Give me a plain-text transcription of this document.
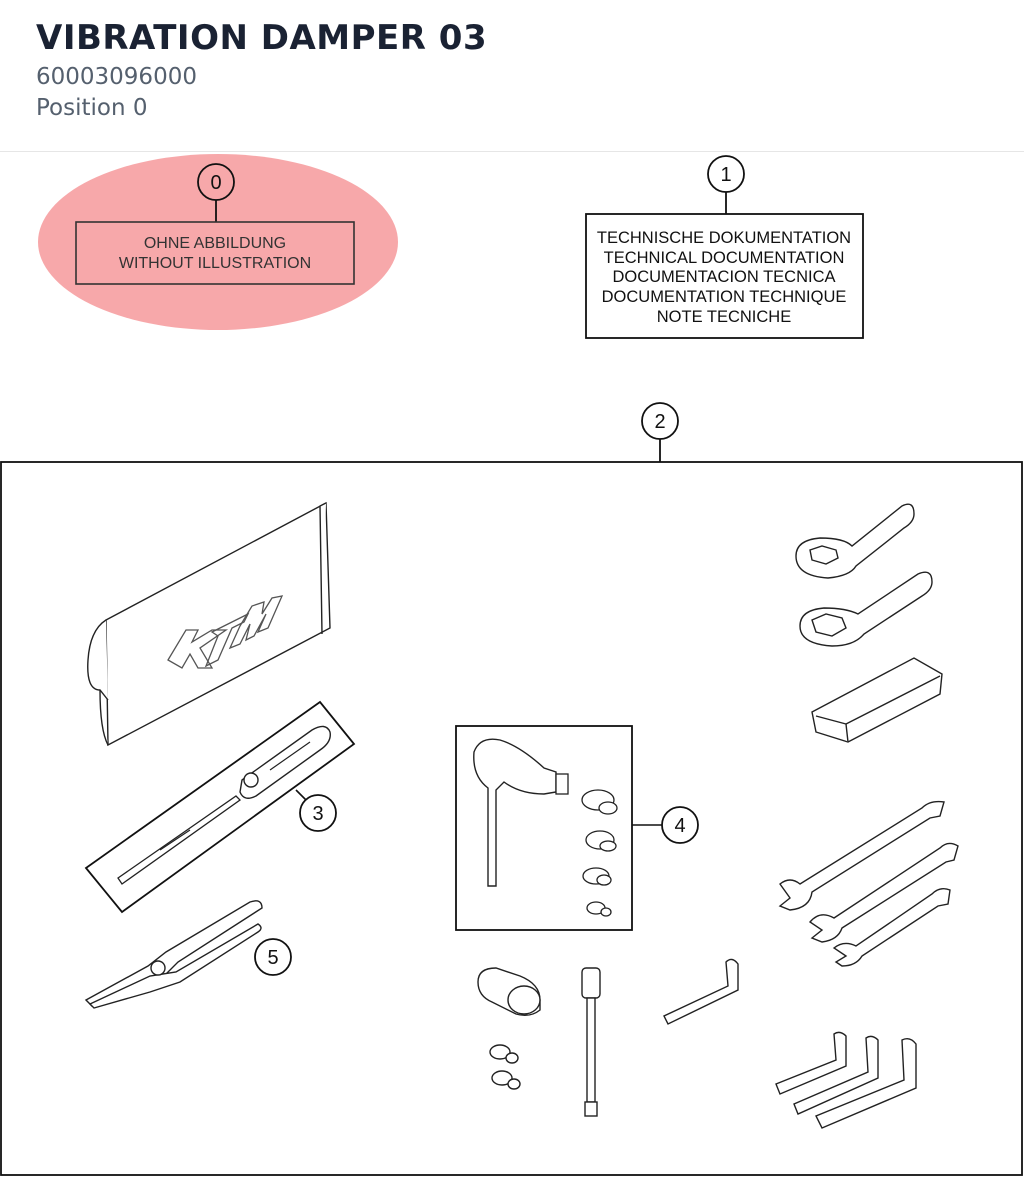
VIBRATION DAMPER 03
60003096000
Position 0
0
OHNE ABBILDUNG
WITHOUT ILLUSTRATION
1
TECHNISCHE DOKUMENTATION
TECHNICAL DOCUMENTATION
DOCUMENTACION TECNICA
DOCUMENTATION TECHNIQUE
NOTE TECNICHE
2
3
5
4
